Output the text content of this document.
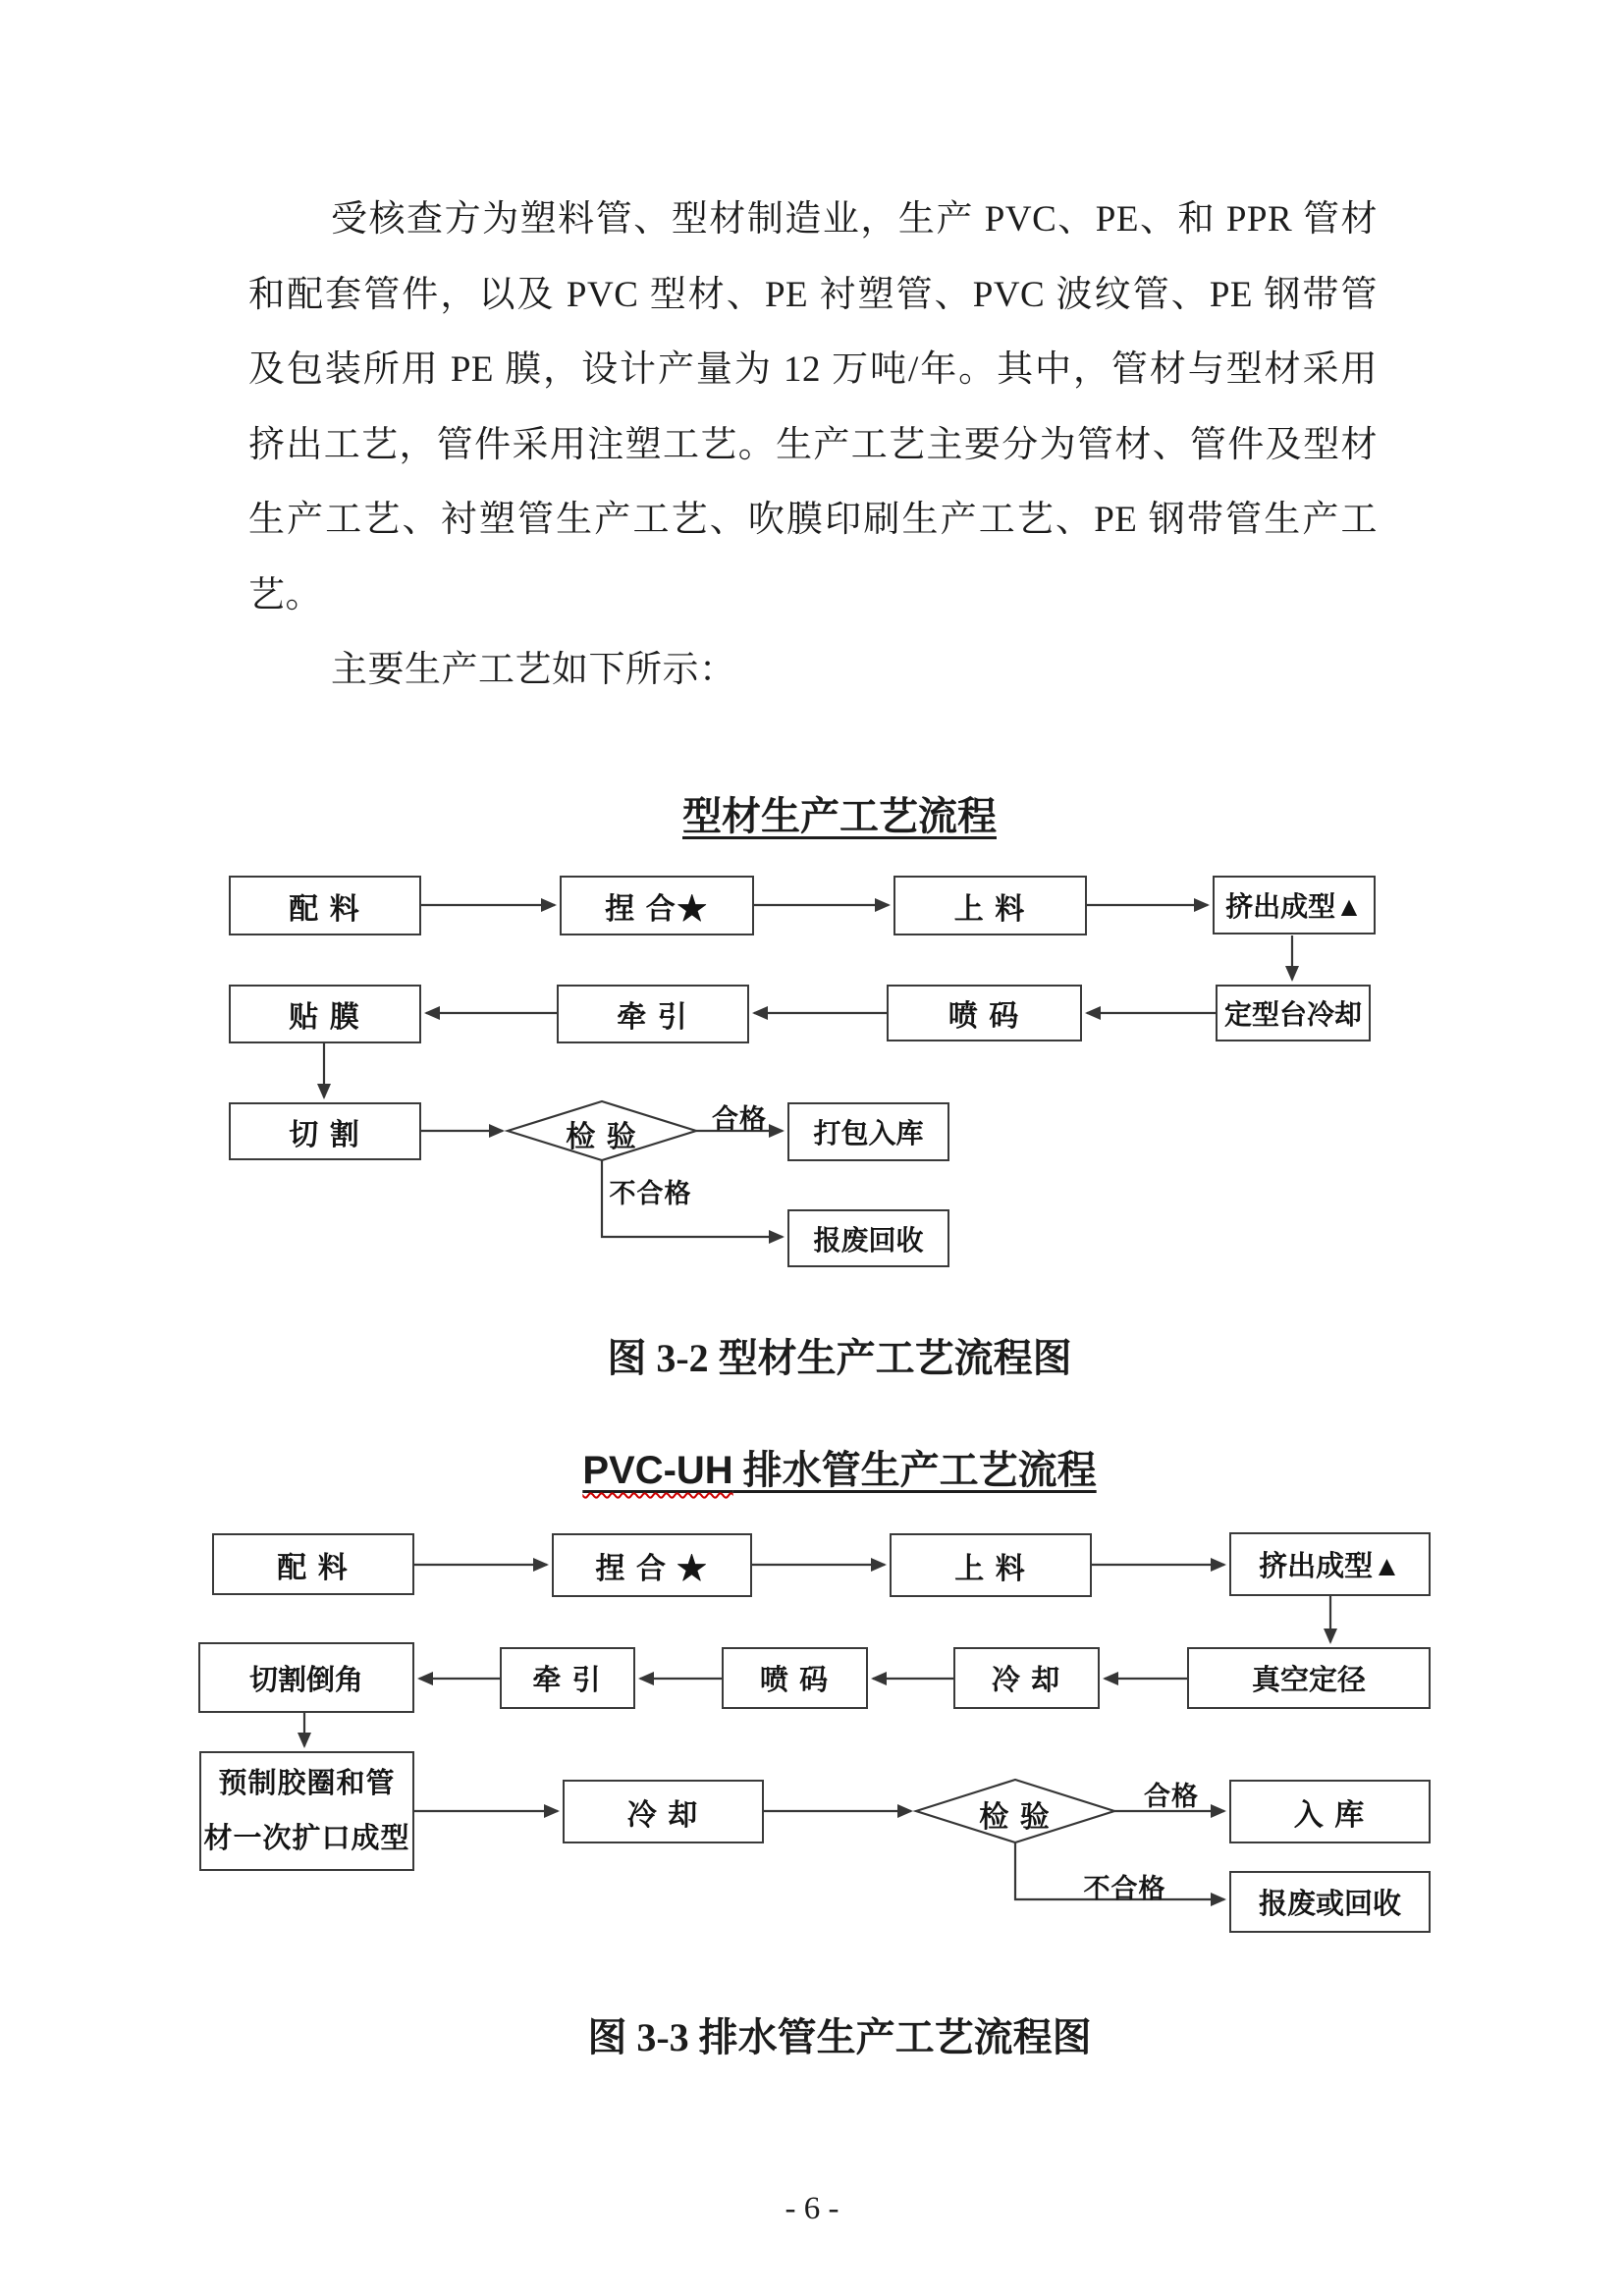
受核查方为塑料管、型材制造业，生产 PVC、PE、和 PPR 管材
和配套管件，以及 PVC 型材、PE 衬塑管、PVC 波纹管、PE 钢带管
及包装所用 PE 膜，设计产量为 12 万吨/年。其中，管材与型材采用
挤出工艺，管件采用注塑工艺。生产工艺主要分为管材、管件及型材
生产工艺、衬塑管生产工艺、吹膜印刷生产工艺、PE 钢带管生产工
艺。
主要生产工艺如下所示：
型材生产工艺流程
配 料	捏 合★	上 料	挤出成型▲
贴 膜	牵 引	喷 码	定型台冷却
切 割	检 验	打包入库
报废回收
合格
不合格

图 3-2 型材生产工艺流程图

PVC-UH 排水管生产工艺流程
配 料	捏 合 ★	上 料	挤出成型▲
切割倒角	牵 引	喷 码	冷 却	真空定径
预制胶圈和管
材一次扩口成型
冷 却	检 验	入 库
报废或回收
合格
不合格

图 3-3 排水管生产工艺流程图

- 6 -
